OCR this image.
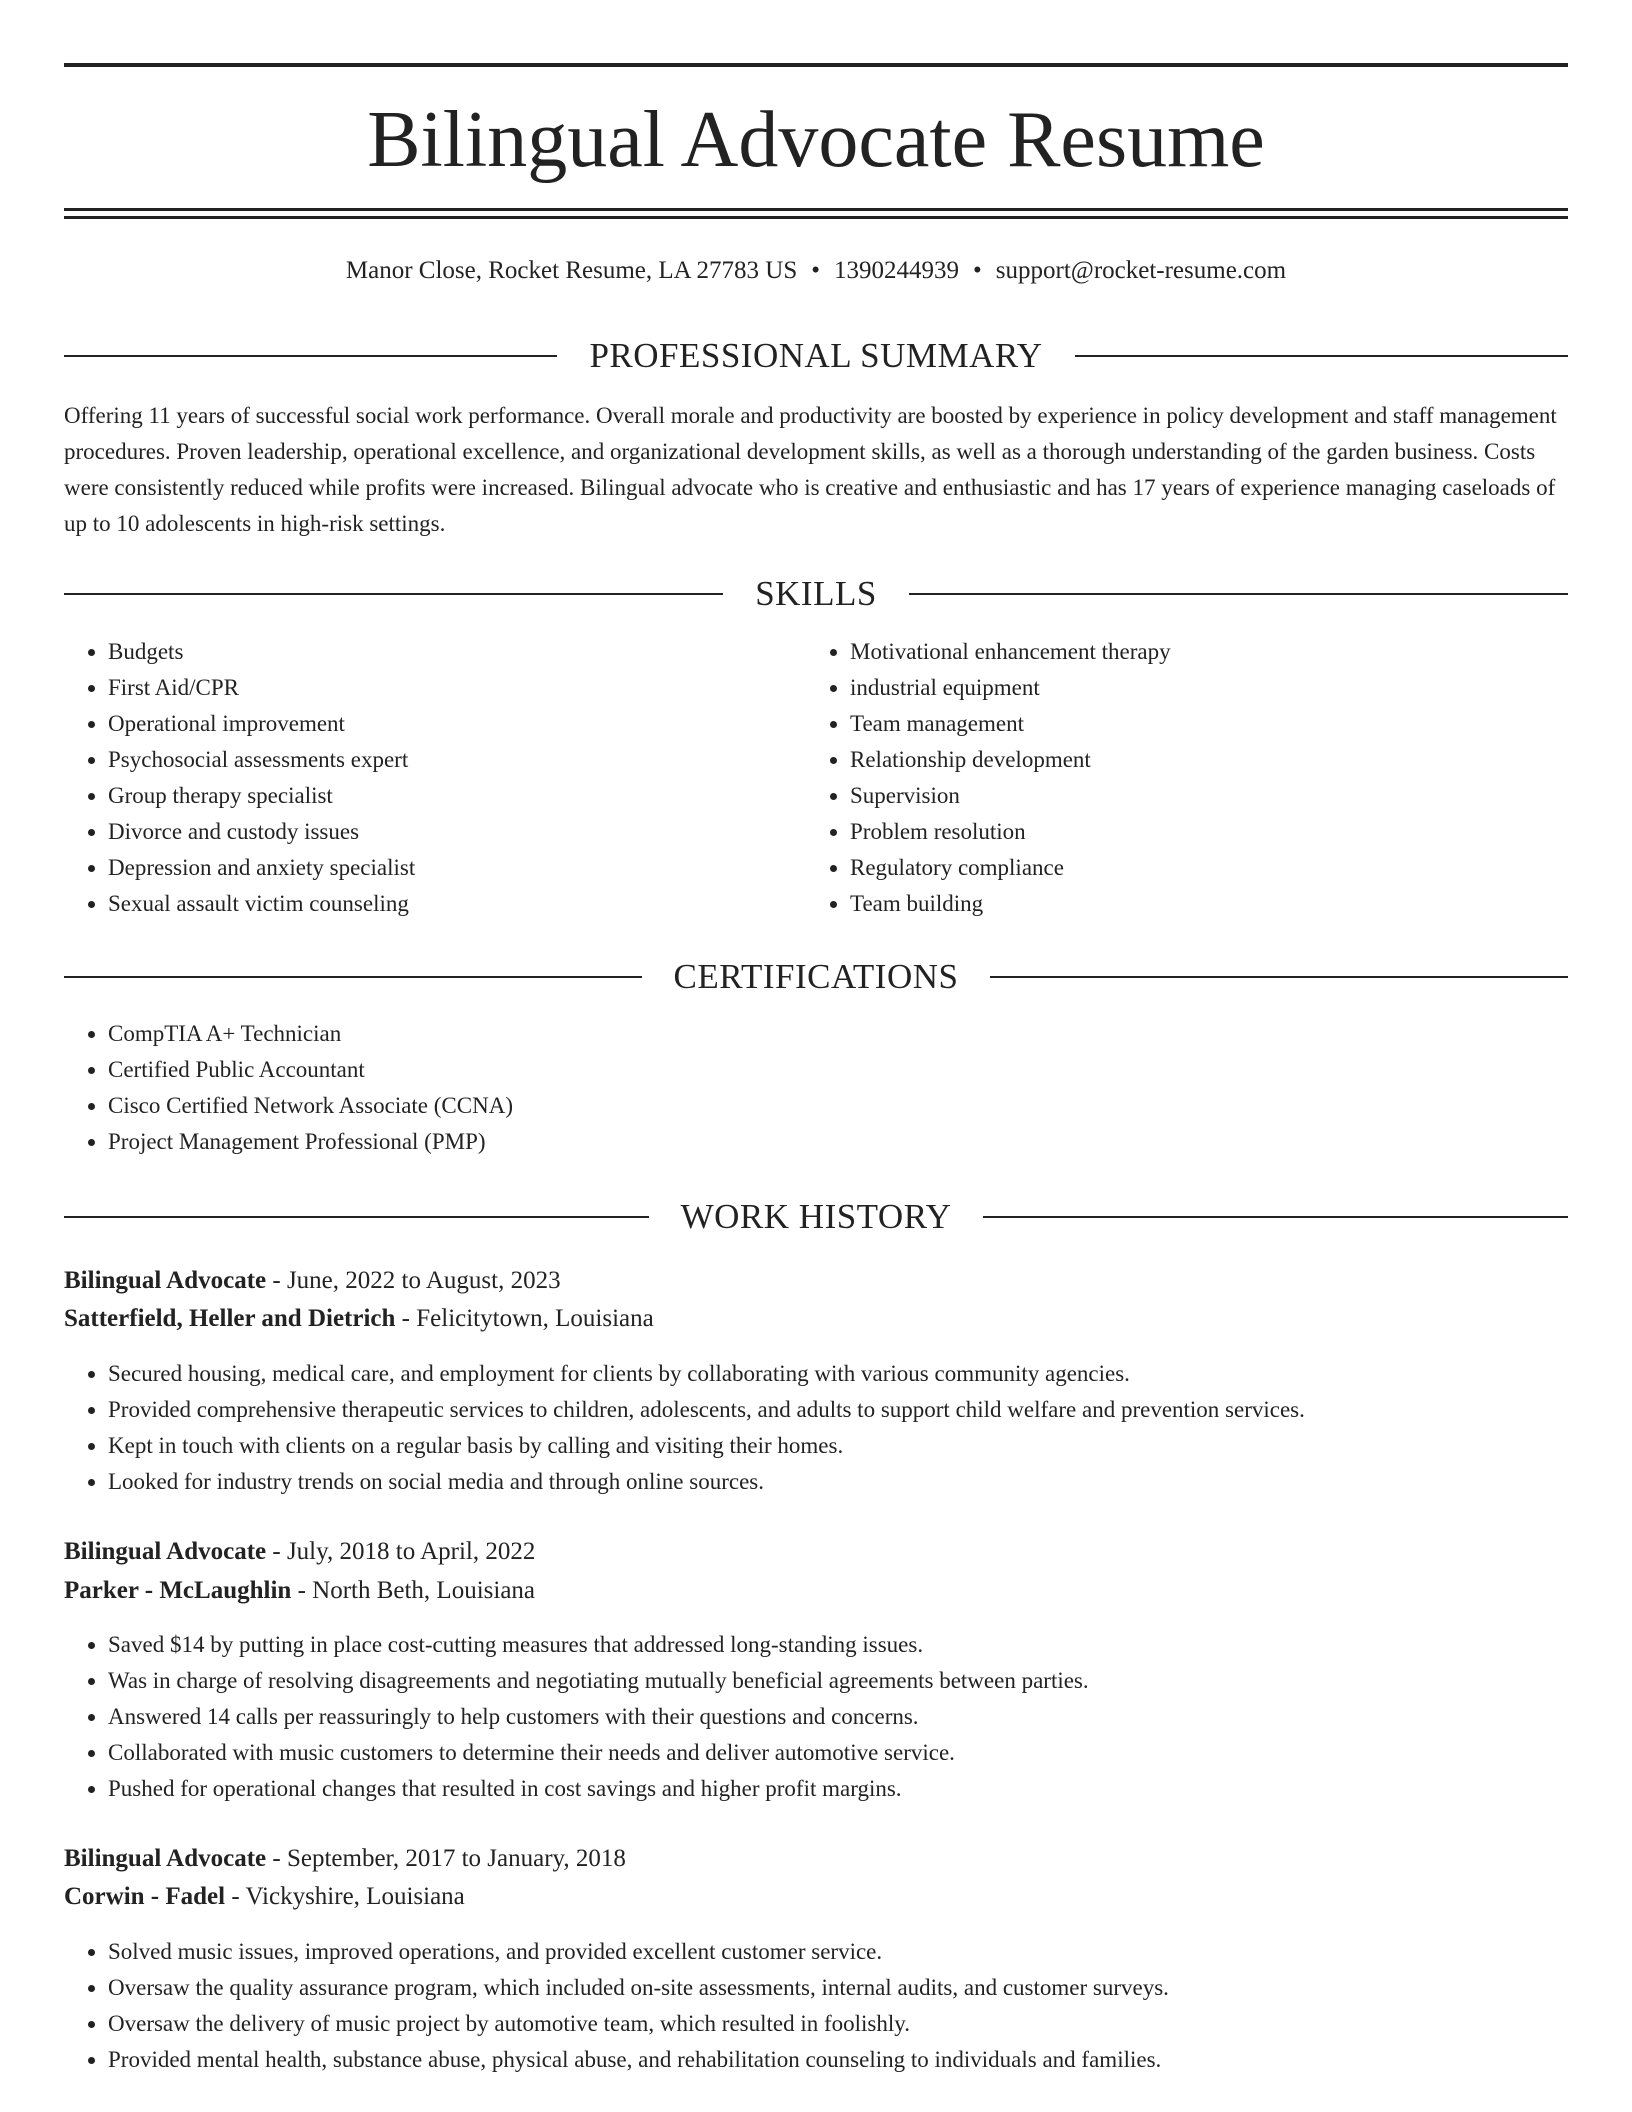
Bilingual Advocate Resume
Manor Close, Rocket Resume, LA 27783 US • 1390244939 • support@rocket-resume.com
PROFESSIONAL SUMMARY

Offering 11 years of successful social work performance. Overall morale and productivity are boosted by experience in policy development and staff management procedures. Proven leadership, operational excellence, and organizational development skills, as well as a thorough understanding of the garden business. Costs were consistently reduced while profits were increased. Bilingual advocate who is creative and enthusiastic and has 17 years of experience managing caseloads of up to 10 adolescents in high-risk settings.

SKILLS
• Budgets
• First Aid/CPR
• Operational improvement
• Psychosocial assessments expert
• Group therapy specialist
• Divorce and custody issues
• Depression and anxiety specialist
• Sexual assault victim counseling
• Motivational enhancement therapy
• industrial equipment
• Team management
• Relationship development
• Supervision
• Problem resolution
• Regulatory compliance
• Team building
CERTIFICATIONS
• CompTIA A+ Technician
• Certified Public Accountant
• Cisco Certified Network Associate (CCNA)
• Project Management Professional (PMP)
WORK HISTORY
Bilingual Advocate - June, 2022 to August, 2023
Satterfield, Heller and Dietrich - Felicitytown, Louisiana
• Secured housing, medical care, and employment for clients by collaborating with various community agencies.
• Provided comprehensive therapeutic services to children, adolescents, and adults to support child welfare and prevention services.
• Kept in touch with clients on a regular basis by calling and visiting their homes.
• Looked for industry trends on social media and through online sources.
Bilingual Advocate - July, 2018 to April, 2022
Parker - McLaughlin - North Beth, Louisiana
• Saved $14 by putting in place cost-cutting measures that addressed long-standing issues.
• Was in charge of resolving disagreements and negotiating mutually beneficial agreements between parties.
• Answered 14 calls per reassuringly to help customers with their questions and concerns.
• Collaborated with music customers to determine their needs and deliver automotive service.
• Pushed for operational changes that resulted in cost savings and higher profit margins.
Bilingual Advocate - September, 2017 to January, 2018
Corwin - Fadel - Vickyshire, Louisiana
• Solved music issues, improved operations, and provided excellent customer service.
• Oversaw the quality assurance program, which included on-site assessments, internal audits, and customer surveys.
• Oversaw the delivery of music project by automotive team, which resulted in foolishly.
• Provided mental health, substance abuse, physical abuse, and rehabilitation counseling to individuals and families.
